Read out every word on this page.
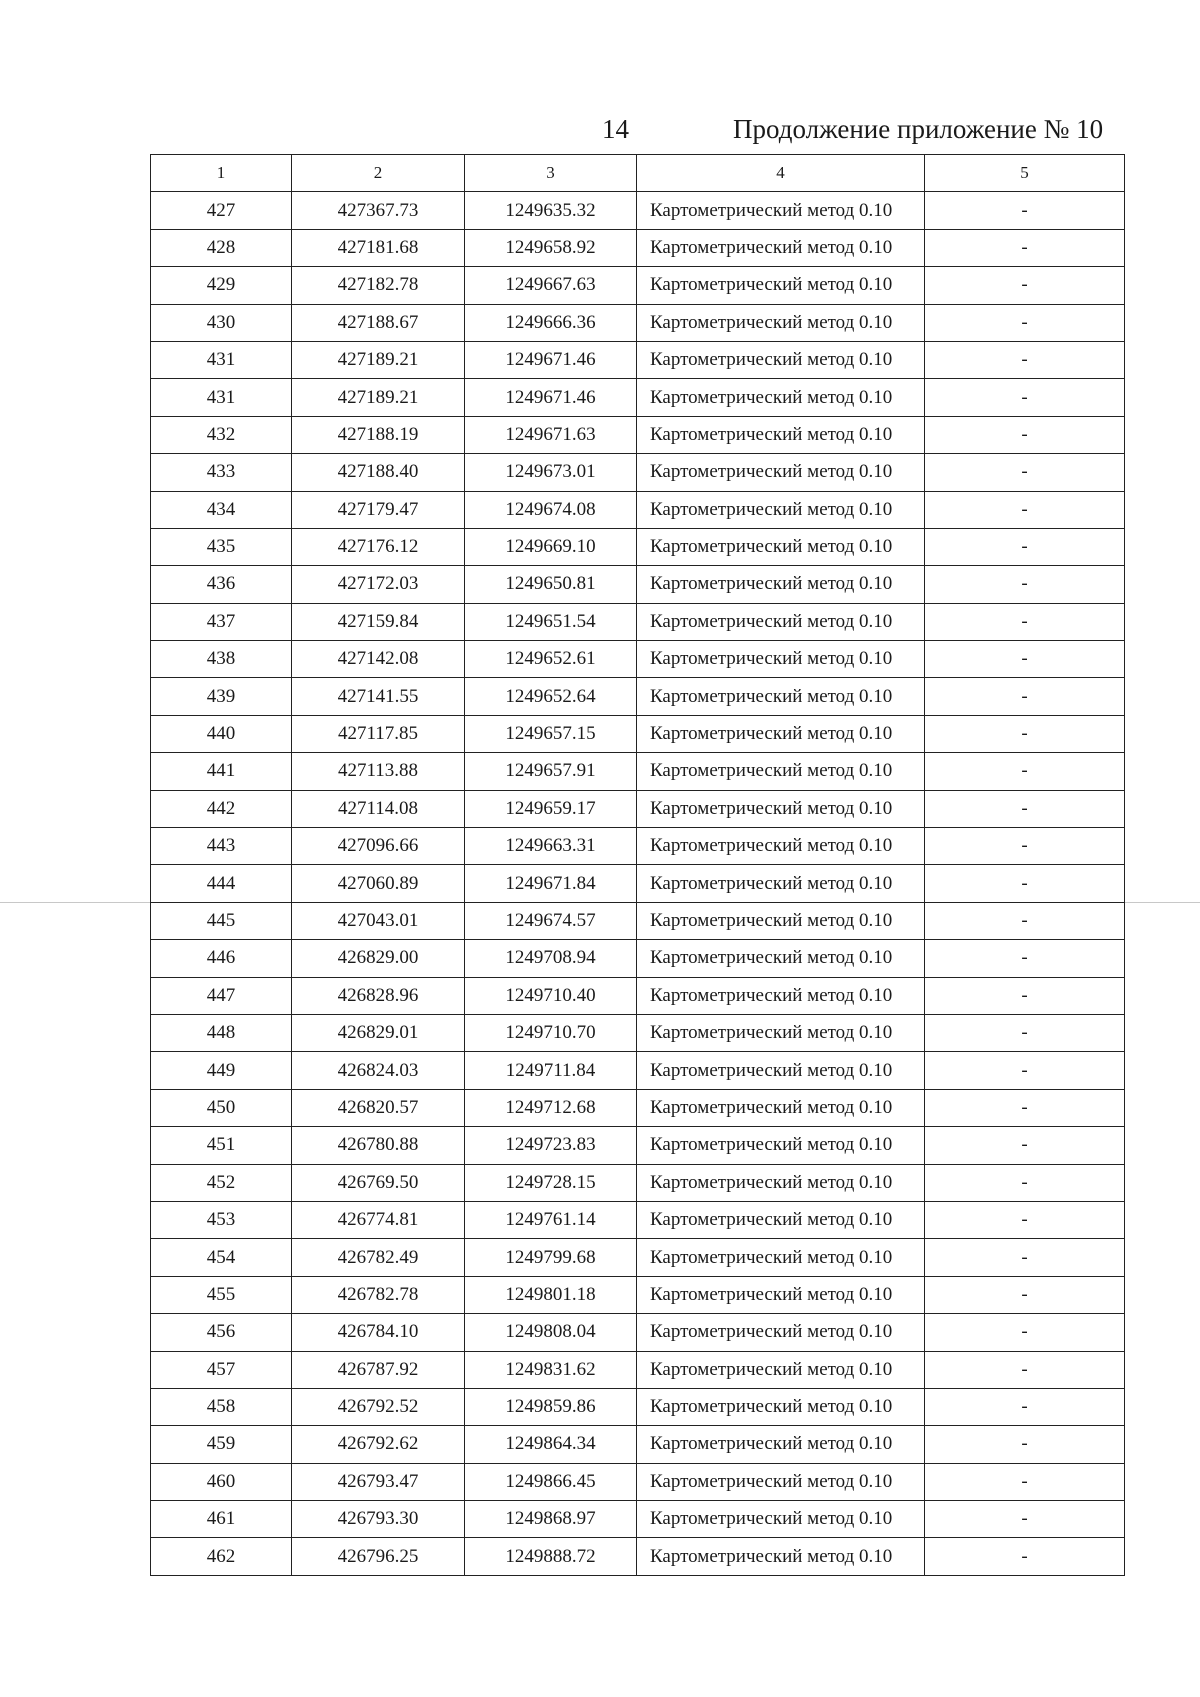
14	Продолжение приложение № 10
1	2	3	4	5
427	427367.73	1249635.32	Картометрический метод 0.10	-
428	427181.68	1249658.92	Картометрический метод 0.10	-
429	427182.78	1249667.63	Картометрический метод 0.10	-
430	427188.67	1249666.36	Картометрический метод 0.10	-
431	427189.21	1249671.46	Картометрический метод 0.10	-
431	427189.21	1249671.46	Картометрический метод 0.10	-
432	427188.19	1249671.63	Картометрический метод 0.10	-
433	427188.40	1249673.01	Картометрический метод 0.10	-
434	427179.47	1249674.08	Картометрический метод 0.10	-
435	427176.12	1249669.10	Картометрический метод 0.10	-
436	427172.03	1249650.81	Картометрический метод 0.10	-
437	427159.84	1249651.54	Картометрический метод 0.10	-
438	427142.08	1249652.61	Картометрический метод 0.10	-
439	427141.55	1249652.64	Картометрический метод 0.10	-
440	427117.85	1249657.15	Картометрический метод 0.10	-
441	427113.88	1249657.91	Картометрический метод 0.10	-
442	427114.08	1249659.17	Картометрический метод 0.10	-
443	427096.66	1249663.31	Картометрический метод 0.10	-
444	427060.89	1249671.84	Картометрический метод 0.10	-
445	427043.01	1249674.57	Картометрический метод 0.10	-
446	426829.00	1249708.94	Картометрический метод 0.10	-
447	426828.96	1249710.40	Картометрический метод 0.10	-
448	426829.01	1249710.70	Картометрический метод 0.10	-
449	426824.03	1249711.84	Картометрический метод 0.10	-
450	426820.57	1249712.68	Картометрический метод 0.10	-
451	426780.88	1249723.83	Картометрический метод 0.10	-
452	426769.50	1249728.15	Картометрический метод 0.10	-
453	426774.81	1249761.14	Картометрический метод 0.10	-
454	426782.49	1249799.68	Картометрический метод 0.10	-
455	426782.78	1249801.18	Картометрический метод 0.10	-
456	426784.10	1249808.04	Картометрический метод 0.10	-
457	426787.92	1249831.62	Картометрический метод 0.10	-
458	426792.52	1249859.86	Картометрический метод 0.10	-
459	426792.62	1249864.34	Картометрический метод 0.10	-
460	426793.47	1249866.45	Картометрический метод 0.10	-
461	426793.30	1249868.97	Картометрический метод 0.10	-
462	426796.25	1249888.72	Картометрический метод 0.10	-
